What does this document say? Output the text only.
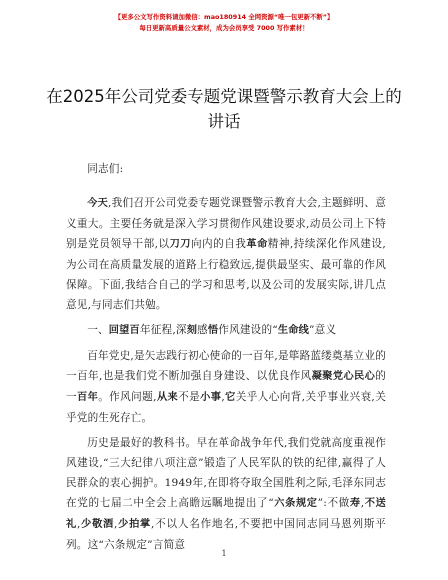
【更多公文写作资料请加微信：mao180914 全网资源“唯一包更新不断”】
每日更新高质量公文素材，成为会员享受 7000 写作素材！
在2025年公司党委专题党课暨警示教育大会上的讲话

同志们:

今天,我们召开公司党委专题党课暨警示教育大会,主题鲜明、意义重大。主要任务就是深入学习贯彻作风建设要求,动员公司上下特别是党员领导干部,以刀刀向内的自我革命精神,持续深化作风建设,为公司在高质量发展的道路上行稳致远,提供最坚实、最可靠的作风保障。下面,我结合自己的学习和思考,以及公司的发展实际,讲几点意见,与同志们共勉。

一、回望百年征程,深刻感悟作风建设的“生命线”意义

百年党史,是矢志践行初心使命的一百年,是筚路蓝缕奠基立业的一百年,也是我们党不断加强自身建设、以优良作风凝聚党心民心的一百年。作风问题,从来不是小事,它关乎人心向背,关乎事业兴衰,关乎党的生死存亡。

历史是最好的教科书。早在革命战争年代,我们党就高度重视作风建设,“三大纪律八项注意”锻造了人民军队的铁的纪律,赢得了人民群众的衷心拥护。1949年,在即将夺取全国胜利之际,毛泽东同志在党的七届二中全会上高瞻远瞩地提出了“六条规定”:不做寿,不送礼,少敬酒,少拍掌,不以人名作地名,不要把中国同志同马恩列斯平列。这“六条规定”言简意

1
